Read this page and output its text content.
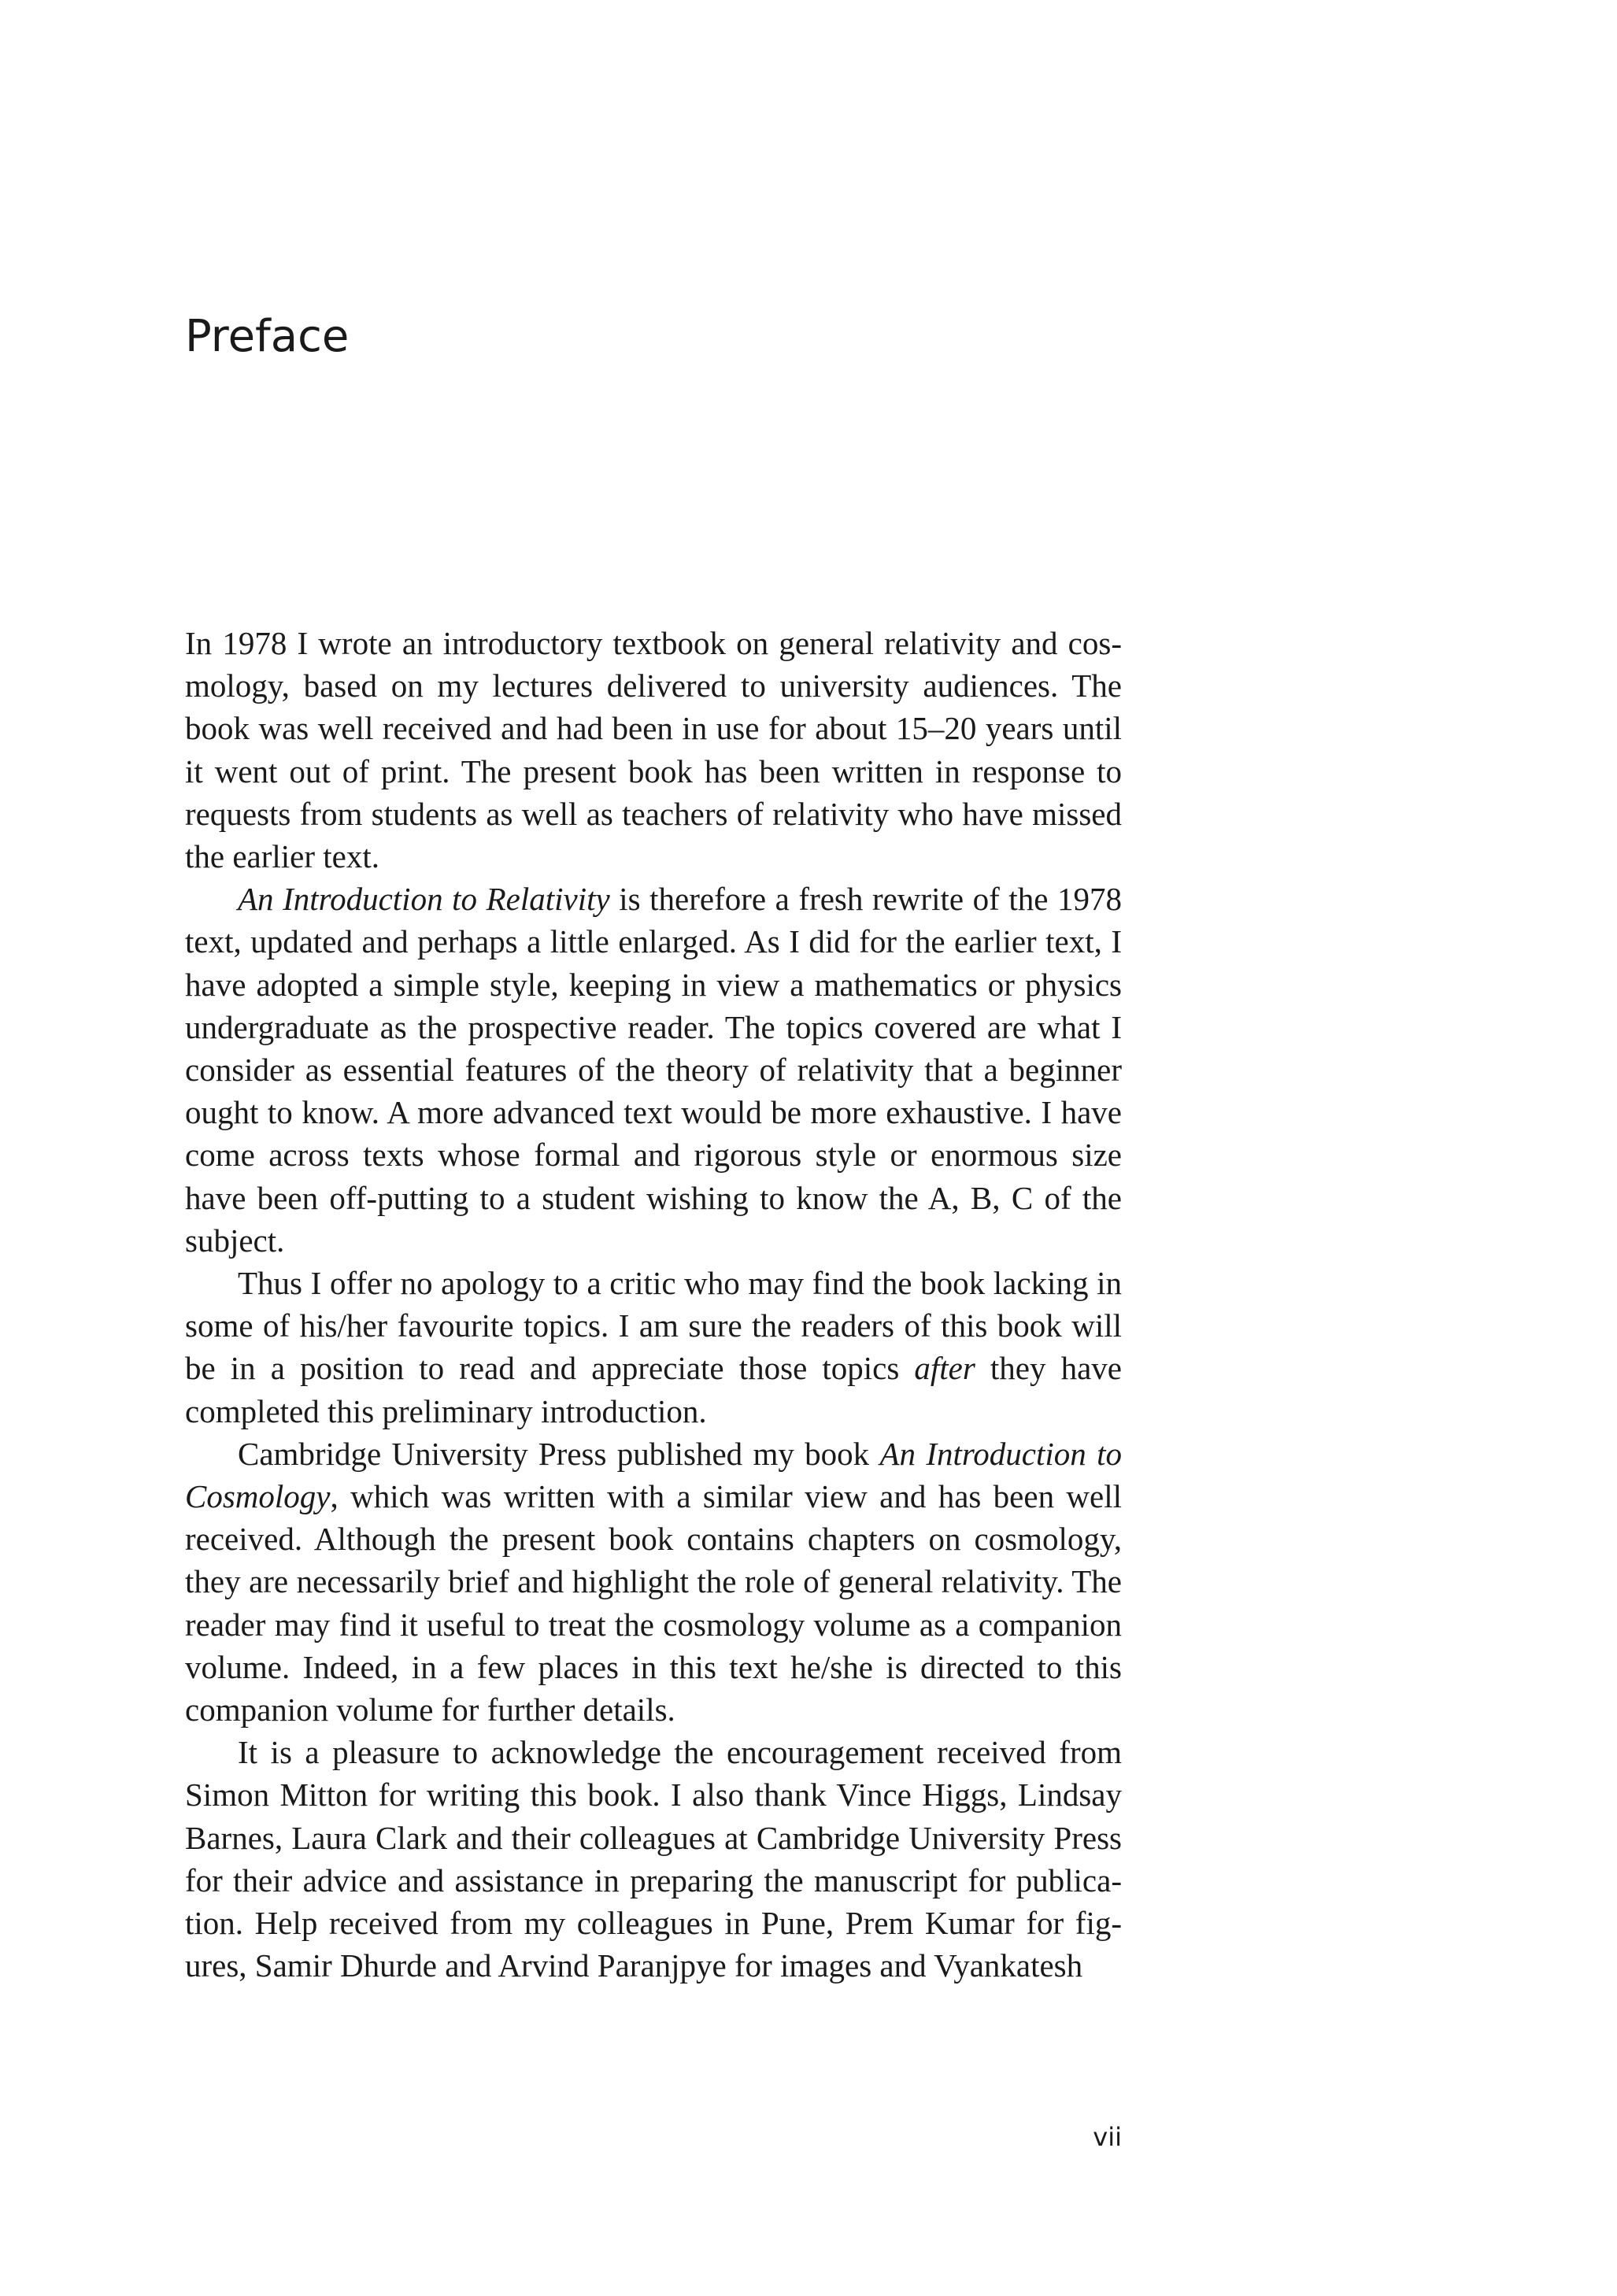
Preface

In 1978 I wrote an introductory textbook on general relativity and cosmology, based on my lectures delivered to university audiences. The book was well received and had been in use for about 15–20 years until it went out of print. The present book has been written in response to requests from students as well as teachers of relativity who have missed the earlier text.

An Introduction to Relativity is therefore a fresh rewrite of the 1978 text, updated and perhaps a little enlarged. As I did for the earlier text, I have adopted a simple style, keeping in view a mathematics or physics undergraduate as the prospective reader. The topics covered are what I consider as essential features of the theory of relativity that a beginner ought to know. A more advanced text would be more exhaustive. I have come across texts whose formal and rigorous style or enormous size have been off-putting to a student wishing to know the A, B, C of the subject.

Thus I offer no apology to a critic who may find the book lacking in some of his/her favourite topics. I am sure the readers of this book will be in a position to read and appreciate those topics after they have completed this preliminary introduction.

Cambridge University Press published my book An Introduction to Cosmology, which was written with a similar view and has been well received. Although the present book contains chapters on cosmology, they are necessarily brief and highlight the role of general relativity. The reader may find it useful to treat the cosmology volume as a companion volume. Indeed, in a few places in this text he/she is directed to this companion volume for further details.

It is a pleasure to acknowledge the encouragement received from Simon Mitton for writing this book. I also thank Vince Higgs, Lindsay Barnes, Laura Clark and their colleagues at Cambridge University Press for their advice and assistance in preparing the manuscript for publication. Help received from my colleagues in Pune, Prem Kumar for figures, Samir Dhurde and Arvind Paranjpye for images and Vyankatesh

vii
